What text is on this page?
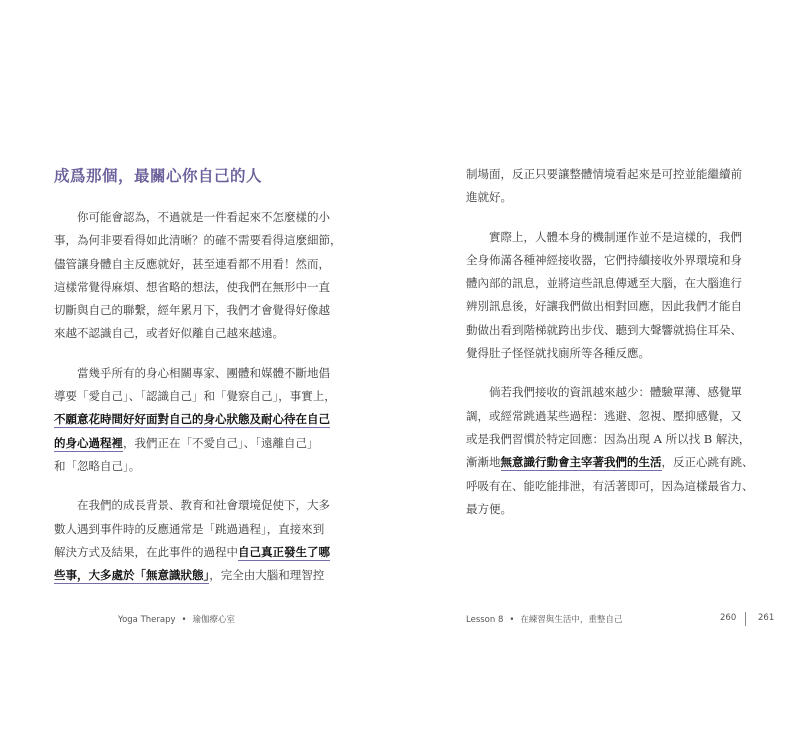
成爲那個，最關心你自己的人

你可能會認為，不過就是一件看起來不怎麼樣的小
事，為何非要看得如此清晰？的確不需要看得這麼細節，
儘管讓身體自主反應就好，甚至連看都不用看！然而，
這樣常覺得麻煩、想省略的想法，使我們在無形中一直
切斷與自己的聯繫，經年累月下，我們才會覺得好像越
來越不認識自己，或者好似離自己越來越遠。

當幾乎所有的身心相關專家、團體和媒體不斷地倡
導要「愛自己」、「認識自己」和「覺察自己」，事實上，
不願意花時間好好面對自己的身心狀態及耐心待在自己
的身心過程裡，我們正在「不愛自己」、「遠離自己」
和「忽略自己」。

在我們的成長背景、教育和社會環境促使下，大多
數人遇到事件時的反應通常是「跳過過程」，直接來到
解決方式及結果，在此事件的過程中自己真正發生了哪
些事，大多處於「無意識狀態」，完全由大腦和理智控

Yoga Therapy • 瑜伽療心室

制場面，反正只要讓整體情境看起來是可控並能繼續前
進就好。

實際上，人體本身的機制運作並不是這樣的，我們
全身佈滿各種神經接收器，它們持續接收外界環境和身
體內部的訊息，並將這些訊息傳遞至大腦，在大腦進行
辨別訊息後，好讓我們做出相對回應，因此我們才能自
動做出看到階梯就跨出步伐、聽到大聲響就摀住耳朵、
覺得肚子怪怪就找廁所等各種反應。

倘若我們接收的資訊越來越少：體驗單薄、感覺單
調，或經常跳過某些過程：逃避、忽視、壓抑感覺，又
或是我們習慣於特定回應：因為出現 A 所以找 B 解決，
漸漸地無意識行動會主宰著我們的生活，反正心跳有跳、
呼吸有在、能吃能排泄，有活著即可，因為這樣最省力、
最方便。

Lesson 8 • 在練習與生活中，重整自己	260	261
